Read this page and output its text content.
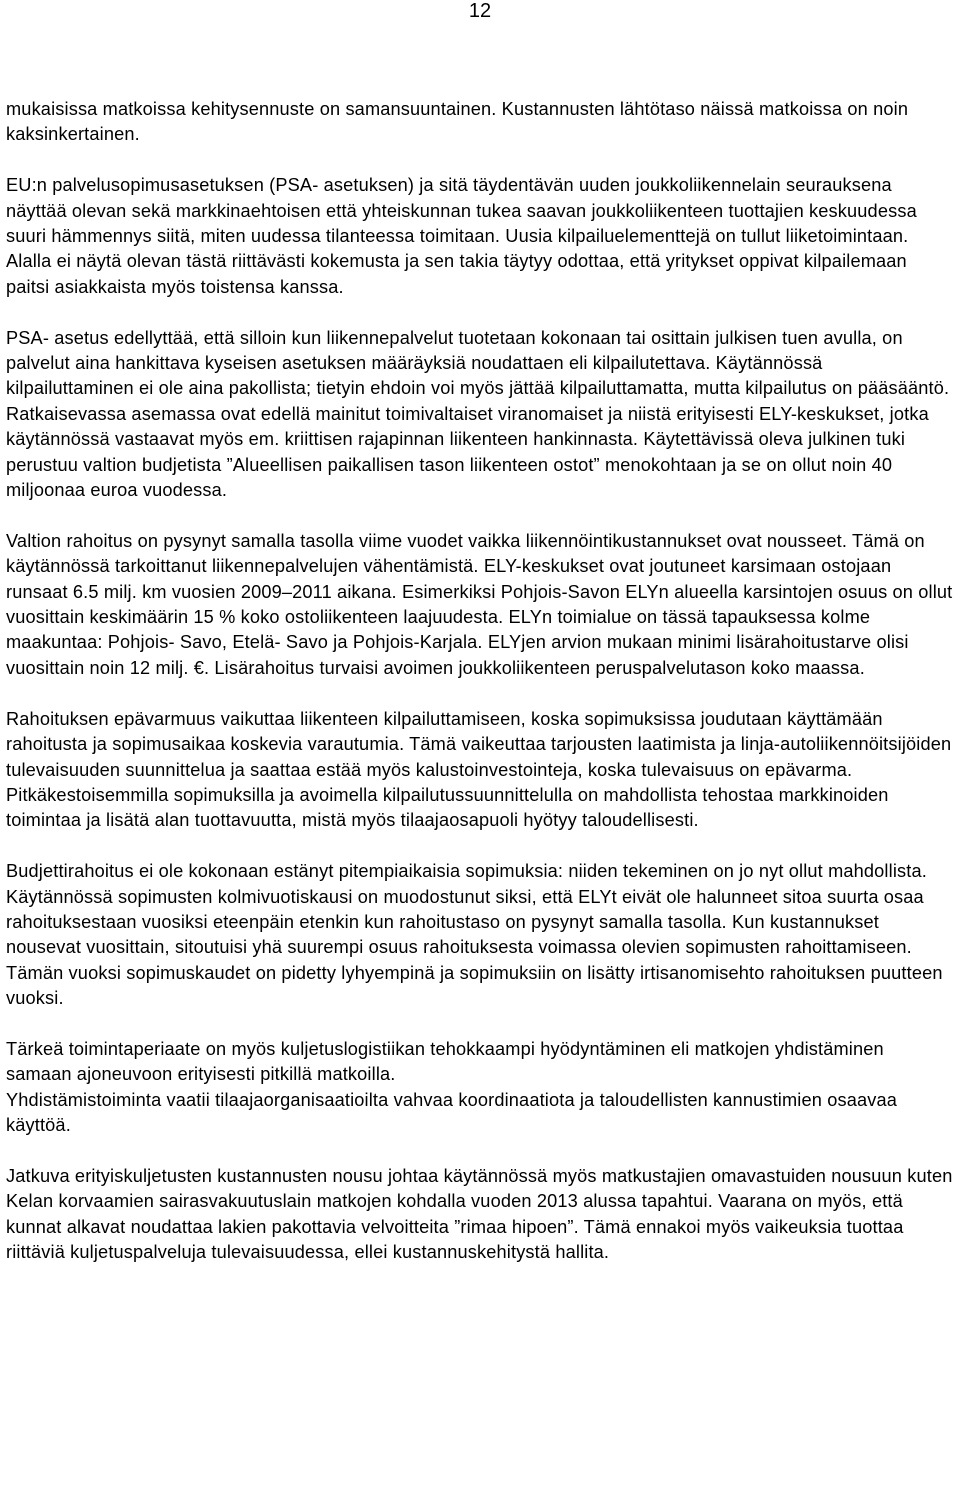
12

mukaisissa matkoissa kehitysennuste on samansuuntainen. Kustannusten lähtötaso näissä matkoissa on noin kaksinkertainen.

EU:n palvelusopimusasetuksen (PSA- asetuksen) ja sitä täydentävän uuden joukkoliikennelain seurauksena näyttää olevan sekä markkinaehtoisen että yhteiskunnan tukea saavan joukkoliikenteen tuottajien keskuudessa suuri hämmennys siitä, miten uudessa tilanteessa toimitaan. Uusia kilpailuelementtejä on tullut liiketoimintaan. Alalla ei näytä olevan tästä riittävästi kokemusta ja sen takia täytyy odottaa, että yritykset oppivat kilpailemaan paitsi asiakkaista myös toistensa kanssa.

PSA- asetus edellyttää, että silloin kun liikennepalvelut tuotetaan kokonaan tai osittain julkisen tuen avulla, on palvelut aina hankittava kyseisen asetuksen määräyksiä noudattaen eli kilpailutettava. Käytännössä kilpailuttaminen ei ole aina pakollista; tietyin ehdoin voi myös jättää kilpailuttamatta, mutta kilpailutus on pääsääntö. Ratkaisevassa asemassa ovat edellä mainitut toimivaltaiset viranomaiset ja niistä erityisesti ELY-keskukset, jotka käytännössä vastaavat myös em. kriittisen rajapinnan liikenteen hankinnasta. Käytettävissä oleva julkinen tuki perustuu valtion budjetista ”Alueellisen paikallisen tason liikenteen ostot” menokohtaan ja se on ollut noin 40 miljoonaa euroa vuodessa.

Valtion rahoitus on pysynyt samalla tasolla viime vuodet vaikka liikennöintikustannukset ovat nousseet. Tämä on käytännössä tarkoittanut liikennepalvelujen vähentämistä. ELY-keskukset ovat joutuneet karsimaan ostojaan runsaat 6.5 milj. km vuosien 2009‒2011 aikana. Esimerkiksi Pohjois-Savon ELYn alueella karsintojen osuus on ollut vuosittain keskimäärin 15 % koko ostoliikenteen laajuudesta. ELYn toimialue on tässä tapauksessa kolme maakuntaa: Pohjois- Savo, Etelä- Savo ja Pohjois-Karjala. ELYjen arvion mukaan minimi lisärahoitustarve olisi vuosittain noin 12 milj. €. Lisärahoitus turvaisi avoimen joukkoliikenteen peruspalvelutason koko maassa.

Rahoituksen epävarmuus vaikuttaa liikenteen kilpailuttamiseen, koska sopimuksissa joudutaan käyttämään rahoitusta ja sopimusaikaa koskevia varautumia. Tämä vaikeuttaa tarjousten laatimista ja linja-autoliikennöitsijöiden tulevaisuuden suunnittelua ja saattaa estää myös kalustoinvestointeja, koska tulevaisuus on epävarma. Pitkäkestoisemmilla sopimuksilla ja avoimella kilpailutussuunnittelulla on mahdollista tehostaa markkinoiden toimintaa ja lisätä alan tuottavuutta, mistä myös tilaajaosapuoli hyötyy taloudellisesti.

Budjettirahoitus ei ole kokonaan estänyt pitempiaikaisia sopimuksia: niiden tekeminen on jo nyt ollut mahdollista. Käytännössä sopimusten kolmivuotiskausi on muodostunut siksi, että ELYt eivät ole halunneet sitoa suurta osaa rahoituksestaan vuosiksi eteenpäin etenkin kun rahoitustaso on pysynyt samalla tasolla. Kun kustannukset nousevat vuosittain, sitoutuisi yhä suurempi osuus rahoituksesta voimassa olevien sopimusten rahoittamiseen. Tämän vuoksi sopimuskaudet on pidetty lyhyempinä ja sopimuksiin on lisätty irtisanomisehto rahoituksen puutteen vuoksi.

Tärkeä toimintaperiaate on myös kuljetuslogistiikan tehokkaampi hyödyntäminen eli matkojen yhdistäminen samaan ajoneuvoon erityisesti pitkillä matkoilla.

Yhdistämistoiminta vaatii tilaajaorganisaatioilta vahvaa koordinaatiota ja taloudellisten kannustimien osaavaa käyttöä.

Jatkuva erityiskuljetusten kustannusten nousu johtaa käytännössä myös matkustajien omavastuiden nousuun kuten Kelan korvaamien sairasvakuutuslain matkojen kohdalla vuoden 2013 alussa tapahtui. Vaarana on myös, että kunnat alkavat noudattaa lakien pakottavia velvoitteita ”rimaa hipoen”. Tämä ennakoi myös vaikeuksia tuottaa riittäviä kuljetuspalveluja tulevaisuudessa, ellei kustannuskehitystä hallita.
